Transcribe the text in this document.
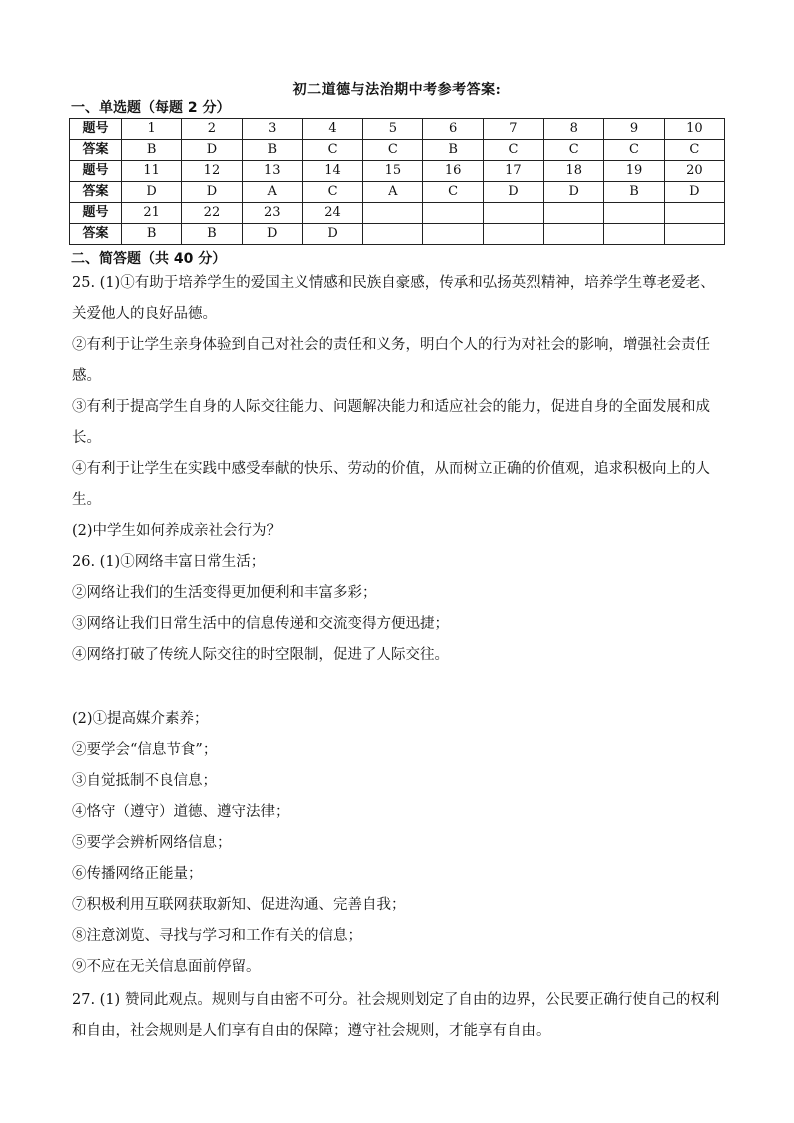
初二道德与法治期中考参考答案:
一、单选题（每题 2 分）
题号	1	2	3	4	5	6	7	8	9	10
答案	B	D	B	C	C	B	C	C	C	C
题号	11	12	13	14	15	16	17	18	19	20
答案	D	D	A	C	A	C	D	D	B	D
题号	21	22	23	24						
答案	B	B	D	D						
二、简答题（共 40 分）

25. (1)①有助于培养学生的爱国主义情感和民族自豪感，传承和弘扬英烈精神，培养学生尊老爱老、关爱他人的良好品德。

②有利于让学生亲身体验到自己对社会的责任和义务，明白个人的行为对社会的影响，增强社会责任感。

③有利于提高学生自身的人际交往能力、问题解决能力和适应社会的能力，促进自身的全面发展和成长。

④有利于让学生在实践中感受奉献的快乐、劳动的价值，从而树立正确的价值观，追求积极向上的人生。

(2)中学生如何养成亲社会行为？

26. (1)①网络丰富日常生活；

②网络让我们的生活变得更加便利和丰富多彩；

③网络让我们日常生活中的信息传递和交流变得方便迅捷；

④网络打破了传统人际交往的时空限制，促进了人际交往。

(2)①提高媒介素养；

②要学会“信息节食”；

③自觉抵制不良信息；

④恪守（遵守）道德、遵守法律；

⑤要学会辨析网络信息；

⑥传播网络正能量；

⑦积极利用互联网获取新知、促进沟通、完善自我；

⑧注意浏览、寻找与学习和工作有关的信息；

⑨不应在无关信息面前停留。

27. (1) 赞同此观点。规则与自由密不可分。社会规则划定了自由的边界，公民要正确行使自己的权利和自由，社会规则是人们享有自由的保障；遵守社会规则，才能享有自由。
